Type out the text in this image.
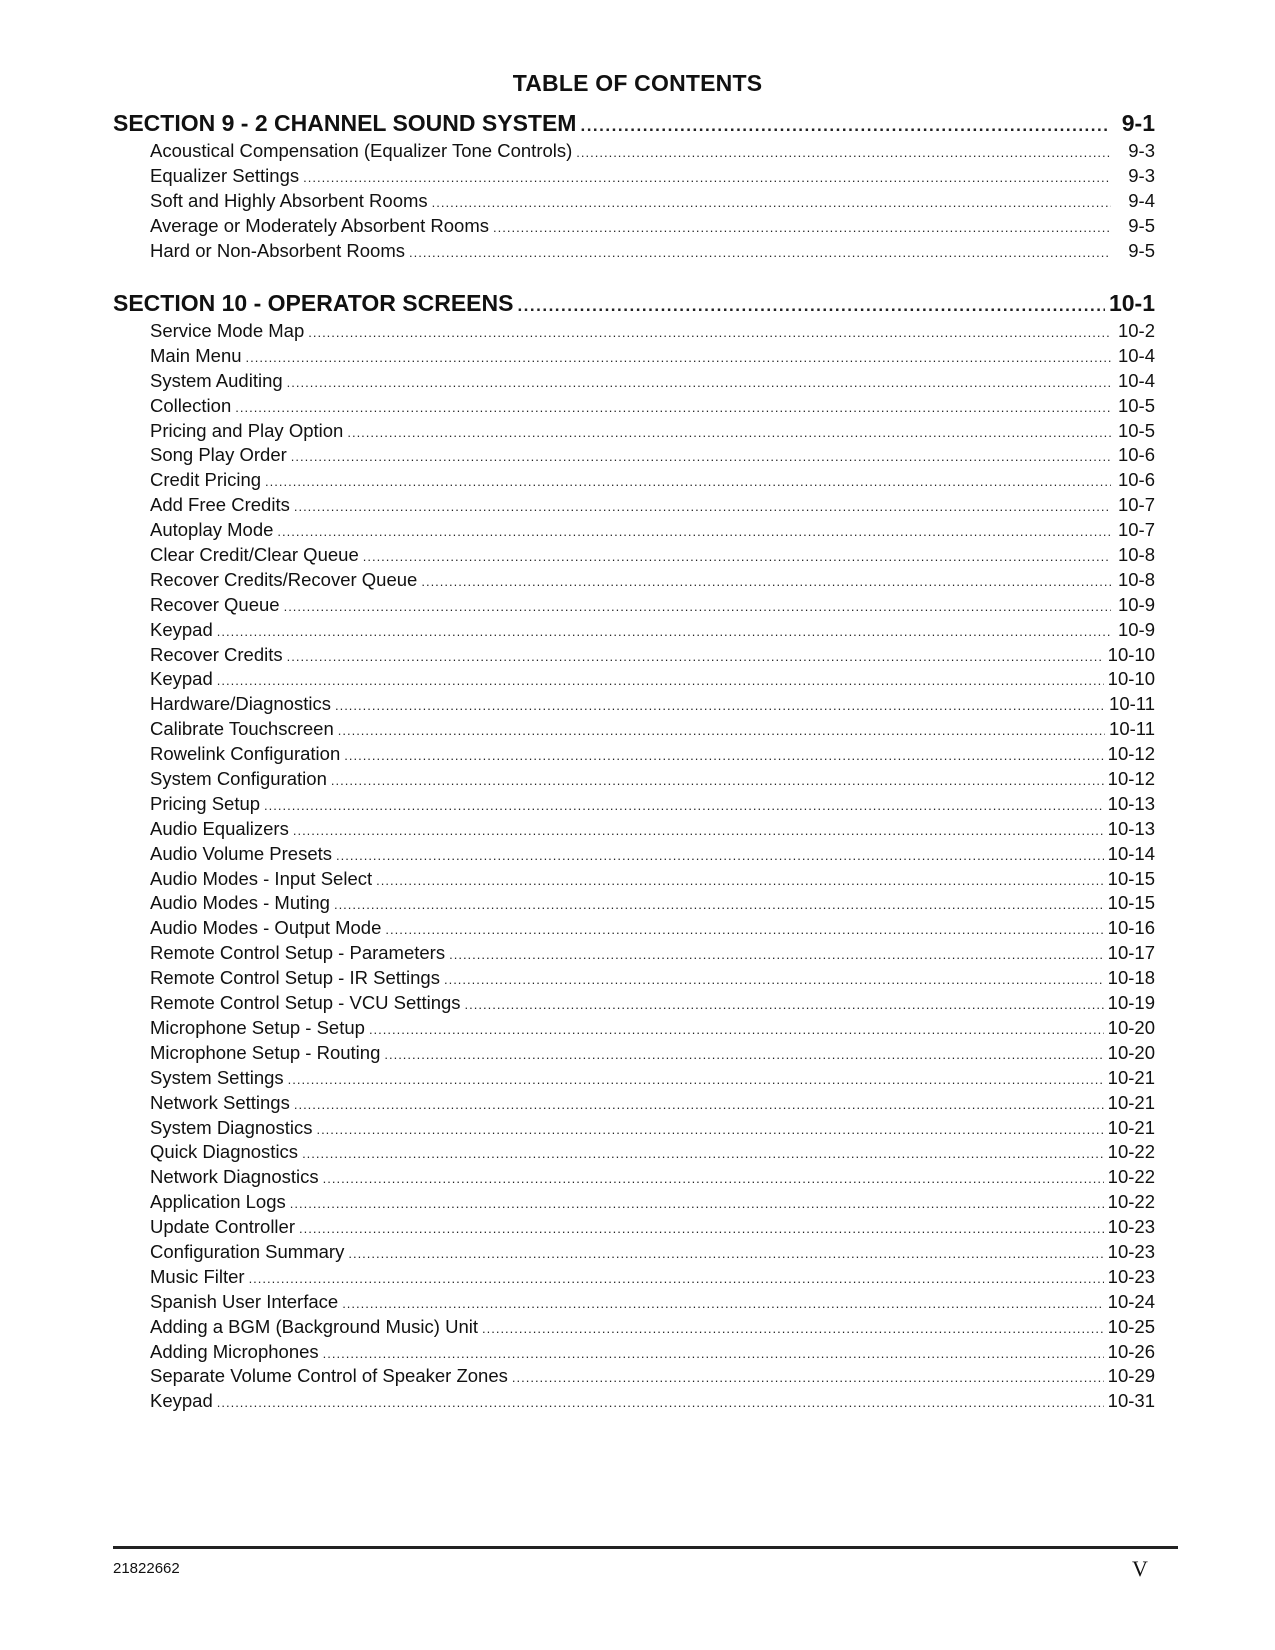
TABLE OF CONTENTS
SECTION 9 - 2 CHANNEL SOUND SYSTEM .....	9-1
Acoustical Compensation (Equalizer Tone Controls) .....	9-3
Equalizer Settings .....	9-3
Soft and Highly Absorbent Rooms .....	9-4
Average or Moderately Absorbent Rooms .....	9-5
Hard or Non-Absorbent Rooms .....	9-5
SECTION 10 - OPERATOR SCREENS .....	10-1
Service Mode Map .....	10-2
Main Menu .....	10-4
System Auditing .....	10-4
Collection .....	10-5
Pricing and Play Option .....	10-5
Song Play Order .....	10-6
Credit Pricing .....	10-6
Add Free Credits .....	10-7
Autoplay Mode .....	10-7
Clear Credit/Clear Queue .....	10-8
Recover Credits/Recover Queue .....	10-8
Recover Queue .....	10-9
Keypad .....	10-9
Recover Credits .....	10-10
Keypad .....	10-10
Hardware/Diagnostics .....	10-11
Calibrate Touchscreen .....	10-11
Rowelink Configuration .....	10-12
System Configuration .....	10-12
Pricing Setup .....	10-13
Audio Equalizers .....	10-13
Audio Volume Presets .....	10-14
Audio Modes - Input Select .....	10-15
Audio Modes - Muting .....	10-15
Audio Modes - Output Mode .....	10-16
Remote Control Setup - Parameters .....	10-17
Remote Control Setup - IR Settings .....	10-18
Remote Control Setup - VCU Settings .....	10-19
Microphone Setup - Setup .....	10-20
Microphone Setup - Routing .....	10-20
System Settings .....	10-21
Network Settings .....	10-21
System Diagnostics .....	10-21
Quick Diagnostics .....	10-22
Network Diagnostics .....	10-22
Application Logs .....	10-22
Update Controller .....	10-23
Configuration Summary .....	10-23
Music Filter .....	10-23
Spanish User Interface .....	10-24
Adding a BGM (Background Music) Unit .....	10-25
Adding Microphones .....	10-26
Separate Volume Control of Speaker Zones .....	10-29
Keypad .....	10-31
21822662	V
